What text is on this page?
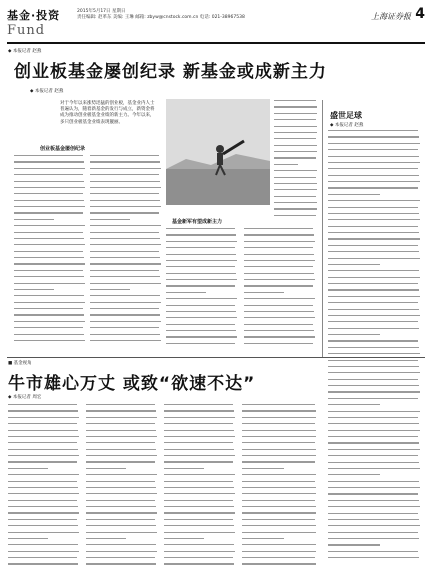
基金·投资
Fund
2015年5月17日 星期日
责任编辑: 赵革东 美编: 王琳 邮箱: zbyw@cnstock.com.cn 电话: 021-38967538	上海证券报 4
◆ 本报记者 赵燕
创业板基金屡创纪录 新基金或成新主力
◆ 本报记者 赵燕
对于今年以来涨势迅猛的创业板，基金业内人士普遍认为，随着新基金的发行与成立，新资金将成为推动创业板基金业绩的新主力。今年以来，多只创业板基金业绩表现靓丽。
创业板基金屡创纪录
基金新军有望成新主力
盛世足球
◆ 本报记者 赵燕
■ 基金视角
牛市雄心万丈 或致“欲速不达”
◆ 本报记者 周宏
